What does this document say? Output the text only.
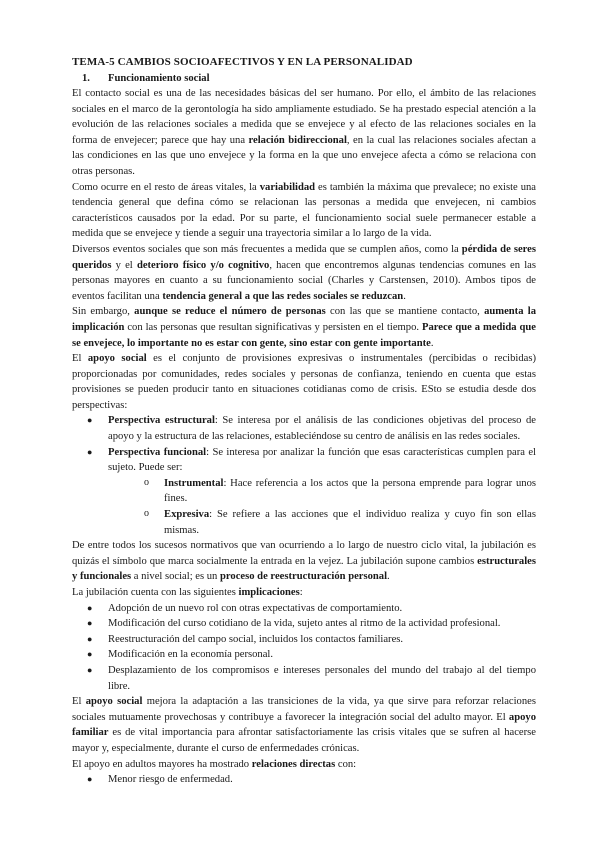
TEMA-5 CAMBIOS SOCIOAFECTIVOS Y EN LA PERSONALIDAD
1. Funcionamiento social

El contacto social es una de las necesidades básicas del ser humano. Por ello, el ámbito de las relaciones sociales en el marco de la gerontología ha sido ampliamente estudiado. Se ha prestado especial atención a la evolución de las relaciones sociales a medida que se envejece y al efecto de las relaciones sociales en la forma de envejecer; parece que hay una relación bidireccional, en la cual las relaciones sociales afectan a las condiciones en las que uno envejece y la forma en la que uno envejece afecta a cómo se relaciona con otras personas.

Como ocurre en el resto de áreas vitales, la variabilidad es también la máxima que prevalece; no existe una tendencia general que defina cómo se relacionan las personas a medida que envejecen, ni cambios característicos causados por la edad. Por su parte, el funcionamiento social suele permanecer estable a medida que se envejece y tiende a seguir una trayectoria similar a lo largo de la vida.

Diversos eventos sociales que son más frecuentes a medida que se cumplen años, como la pérdida de seres queridos y el deterioro físico y/o cognitivo, hacen que encontremos algunas tendencias comunes en las personas mayores en cuanto a su funcionamiento social (Charles y Carstensen, 2010). Ambos tipos de eventos facilitan una tendencia general a que las redes sociales se reduzcan.

Sin embargo, aunque se reduce el número de personas con las que se mantiene contacto, aumenta la implicación con las personas que resultan significativas y persisten en el tiempo. Parece que a medida que se envejece, lo importante no es estar con gente, sino estar con gente importante.

El apoyo social es el conjunto de provisiones expresivas o instrumentales (percibidas o recibidas) proporcionadas por comunidades, redes sociales y personas de confianza, teniendo en cuenta que estas provisiones se pueden producir tanto en situaciones cotidianas como de crisis. ESto se estudia desde dos perspectivas:

● Perspectiva estructural: Se interesa por el análisis de las condiciones objetivas del proceso de apoyo y la estructura de las relaciones, estableciéndose su centro de análisis en las redes sociales.
● Perspectiva funcional: Se interesa por analizar la función que esas características cumplen para el sujeto. Puede ser:
o Instrumental: Hace referencia a los actos que la persona emprende para lograr unos fines.
o Expresiva: Se refiere a las acciones que el individuo realiza y cuyo fin son ellas mismas.

De entre todos los sucesos normativos que van ocurriendo a lo largo de nuestro ciclo vital, la jubilación es quizás el símbolo que marca socialmente la entrada en la vejez. La jubilación supone cambios estructurales y funcionales a nivel social; es un proceso de reestructuración personal.

La jubilación cuenta con las siguientes implicaciones:

● Adopción de un nuevo rol con otras expectativas de comportamiento.
● Modificación del curso cotidiano de la vida, sujeto antes al ritmo de la actividad profesional.
● Reestructuración del campo social, incluidos los contactos familiares.
● Modificación en la economía personal.
● Desplazamiento de los compromisos e intereses personales del mundo del trabajo al del tiempo libre.

El apoyo social mejora la adaptación a las transiciones de la vida, ya que sirve para reforzar relaciones sociales mutuamente provechosas y contribuye a favorecer la integración social del adulto mayor. El apoyo familiar es de vital importancia para afrontar satisfactoriamente las crisis vitales que se sufren al hacerse mayor y, especialmente, durante el curso de enfermedades crónicas.

El apoyo en adultos mayores ha mostrado relaciones directas con:

● Menor riesgo de enfermedad.
